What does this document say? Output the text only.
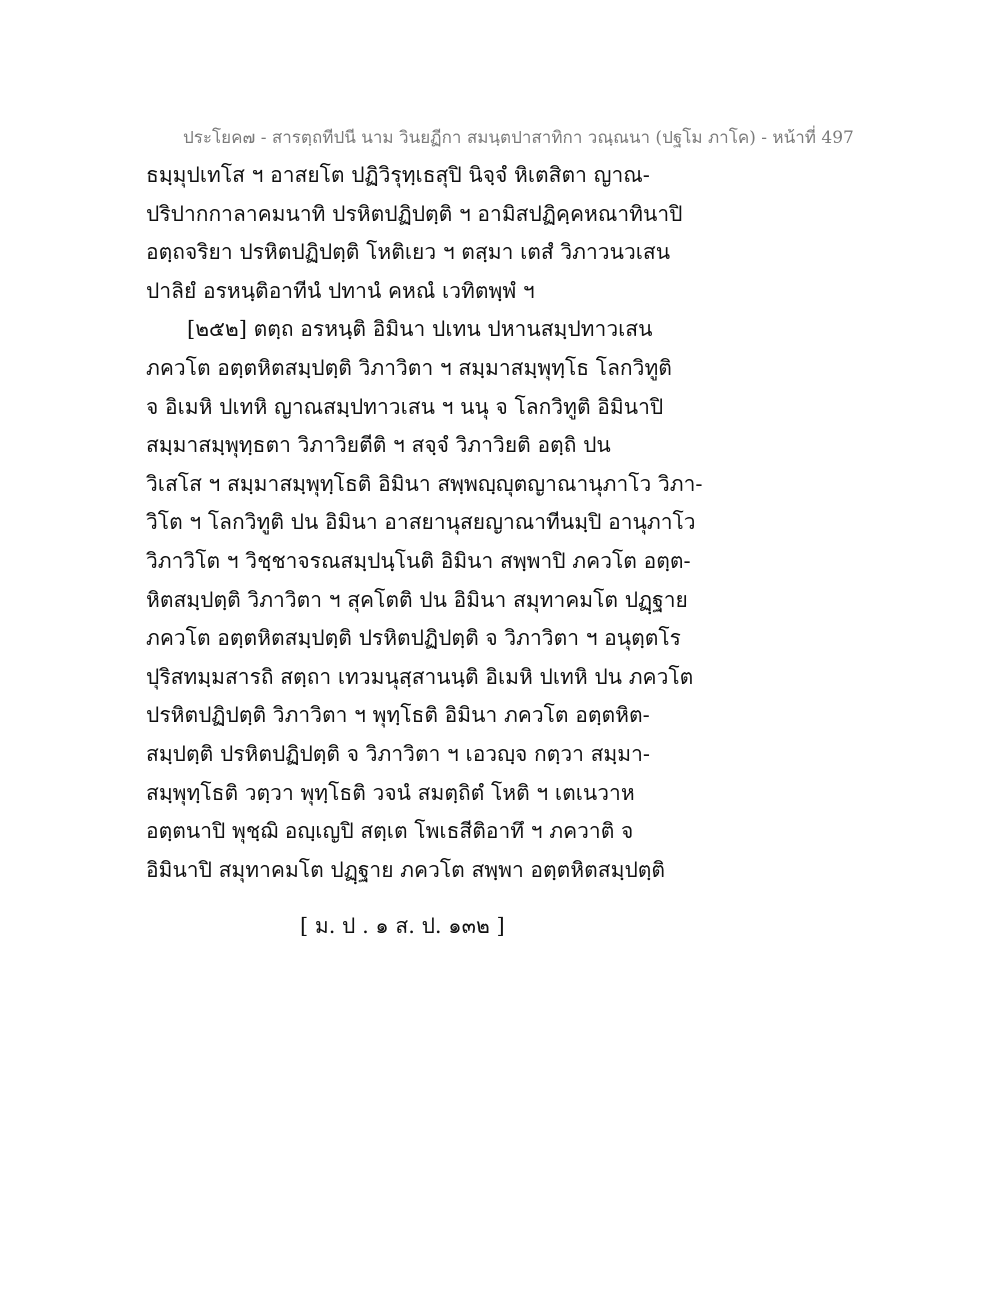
ประโยค๗ - สารตฺถทีปนี นาม วินยฏีกา สมนฺตปาสาทิกา วณฺณนา (ปฐโม ภาโค) - หน้าที่ 497
ธมฺมุปเทโส ฯ อาสยโต ปฏิวิรุทฺเธสุปิ นิจฺจํ หิเตสิตา ญาณ-
ปริปากกาลาคมนาทิ ปรหิตปฏิปตฺติ ฯ อามิสปฏิคฺคหณาทินาปิ
อตฺถจริยา ปรหิตปฏิปตฺติ โหติเยว ฯ ตสฺมา เตสํ วิภาวนวเสน
ปาลิยํ อรหนฺติอาทีนํ ปทานํ คหณํ เวทิตพฺพํ ฯ
[๒๕๒] ตตฺถ อรหนฺติ อิมินา ปเทน ปหานสมฺปทาวเสน
ภควโต อตฺตหิตสมฺปตฺติ วิภาวิตา ฯ สมฺมาสมฺพุทฺโธ โลกวิทูติ
จ อิเมหิ ปเทหิ ญาณสมฺปทาวเสน ฯ นนุ จ โลกวิทูติ อิมินาปิ
สมฺมาสมฺพุทฺธตา วิภาวิยตีติ ฯ สจฺจํ วิภาวิยติ อตฺถิ ปน
วิเสโส ฯ สมฺมาสมฺพุทฺโธติ อิมินา สพฺพญฺญุตญาณานุภาโว วิภา-
วิโต ฯ โลกวิทูติ ปน อิมินา อาสยานุสยญาณาทีนมฺปิ อานุภาโว
วิภาวิโต ฯ วิชฺชาจรณสมฺปนฺโนติ อิมินา สพฺพาปิ ภควโต อตฺต-
หิตสมฺปตฺติ วิภาวิตา ฯ สุคโตติ ปน อิมินา สมุทาคมโต ปฏฺฐาย
ภควโต อตฺตหิตสมฺปตฺติ ปรหิตปฏิปตฺติ จ วิภาวิตา ฯ อนุตฺตโร
ปุริสทมฺมสารถิ สตฺถา เทวมนุสฺสานนฺติ อิเมหิ ปเทหิ ปน ภควโต
ปรหิตปฏิปตฺติ วิภาวิตา ฯ พุทฺโธติ อิมินา ภควโต อตฺตหิต-
สมฺปตฺติ ปรหิตปฏิปตฺติ จ วิภาวิตา ฯ เอวญฺจ กตฺวา สมฺมา-
สมฺพุทฺโธติ วตฺวา พุทฺโธติ วจนํ สมตฺถิตํ โหติ ฯ เตเนวาห
อตฺตนาปิ พุชฺฌิ อญฺเญปิ สตฺเต โพเธสีติอาทึ ฯ ภควาติ จ
อิมินาปิ สมุทาคมโต ปฏฺฐาย ภควโต สพฺพา อตฺตหิตสมฺปตฺติ
[ ม. ป . ๑ ส. ป. ๑๓๒ ]
